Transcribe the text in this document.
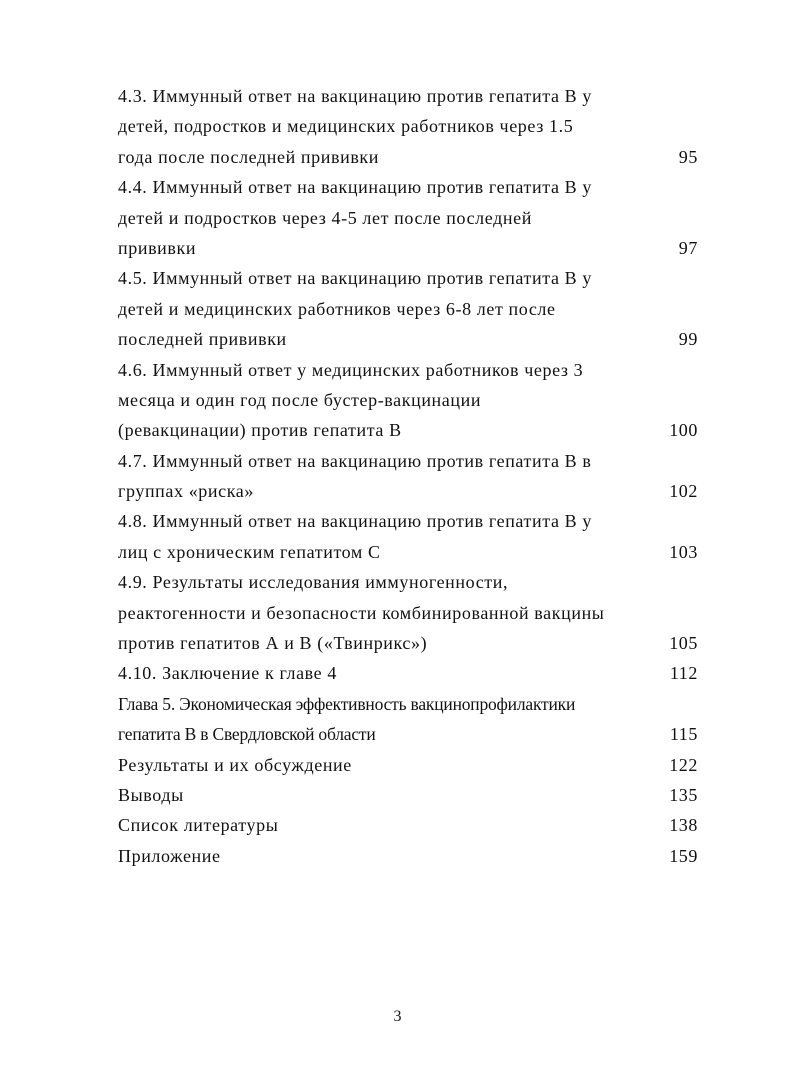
4.3. Иммунный ответ на вакцинацию против гепатита В у
детей, подростков и медицинских работников через 1.5
года после последней прививки	95
4.4. Иммунный ответ на вакцинацию против гепатита В у
детей и подростков через 4-5 лет после последней
прививки	97
4.5. Иммунный ответ на вакцинацию против гепатита В у
детей и медицинских работников через 6-8 лет после
последней прививки	99
4.6. Иммунный ответ у медицинских работников через 3
месяца и один год после бустер-вакцинации
(ревакцинации) против гепатита В	100
4.7. Иммунный ответ на вакцинацию против гепатита В в
группах «риска»	102
4.8. Иммунный ответ на вакцинацию против гепатита В у
лиц с хроническим гепатитом С	103
4.9. Результаты исследования иммуногенности,
реактогенности и безопасности комбинированной вакцины
против гепатитов А и В («Твинрикс»)	105
4.10. Заключение к главе 4	112
Глава 5. Экономическая эффективность вакцинопрофилактики
гепатита В в Свердловской области	115
Результаты и их обсуждение	122
Выводы	135
Список литературы	138
Приложение	159
3
